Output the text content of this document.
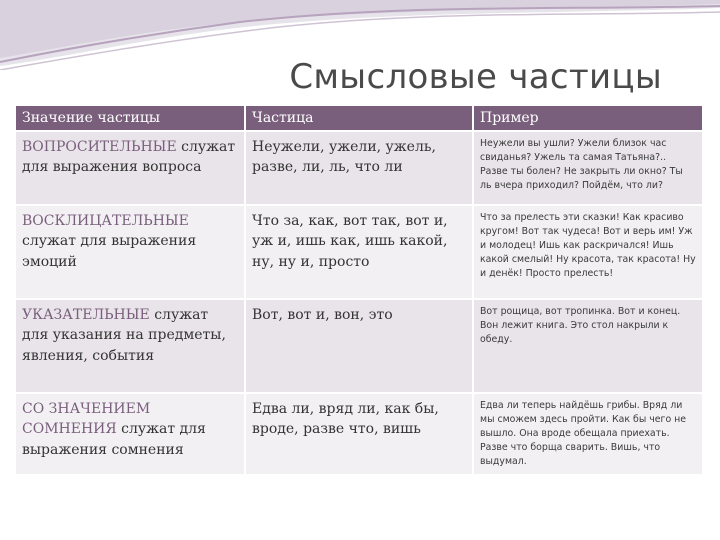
Смысловые частицы
Значение частицы	Частица	Пример
ВОПРОСИТЕЛЬНЫЕ служат для выражения вопроса	Неужели, ужели, ужель, разве, ли, ль, что ли	Неужели вы ушли? Ужели близок час свиданья? Ужель та самая Татьяна?.. Разве ты болен? Не закрыть ли окно? Ты ль вчера приходил? Пойдём, что ли?
ВОСКЛИЦАТЕЛЬНЫЕ служат для выражения эмоций	Что за, как, вот так, вот и, уж и, ишь как, ишь какой, ну, ну и, просто	Что за прелесть эти сказки! Как красиво кругом! Вот так чудеса! Вот и верь им! Уж и молодец! Ишь как раскричался! Ишь какой смелый! Ну красота, так красота! Ну и денёк! Просто прелесть!
УКАЗАТЕЛЬНЫЕ служат для указания на предметы, явления, события	Вот, вот и, вон, это	Вот рощица, вот тропинка. Вот и конец. Вон лежит книга. Это стол накрыли к обеду.
СО ЗНАЧЕНИЕМ СОМНЕНИЯ служат для выражения сомнения	Едва ли, вряд ли, как бы, вроде, разве что, вишь	Едва ли теперь найдёшь грибы. Вряд ли мы сможем здесь пройти. Как бы чего не вышло. Она вроде обещала приехать. Разве что борща сварить. Вишь, что выдумал.
